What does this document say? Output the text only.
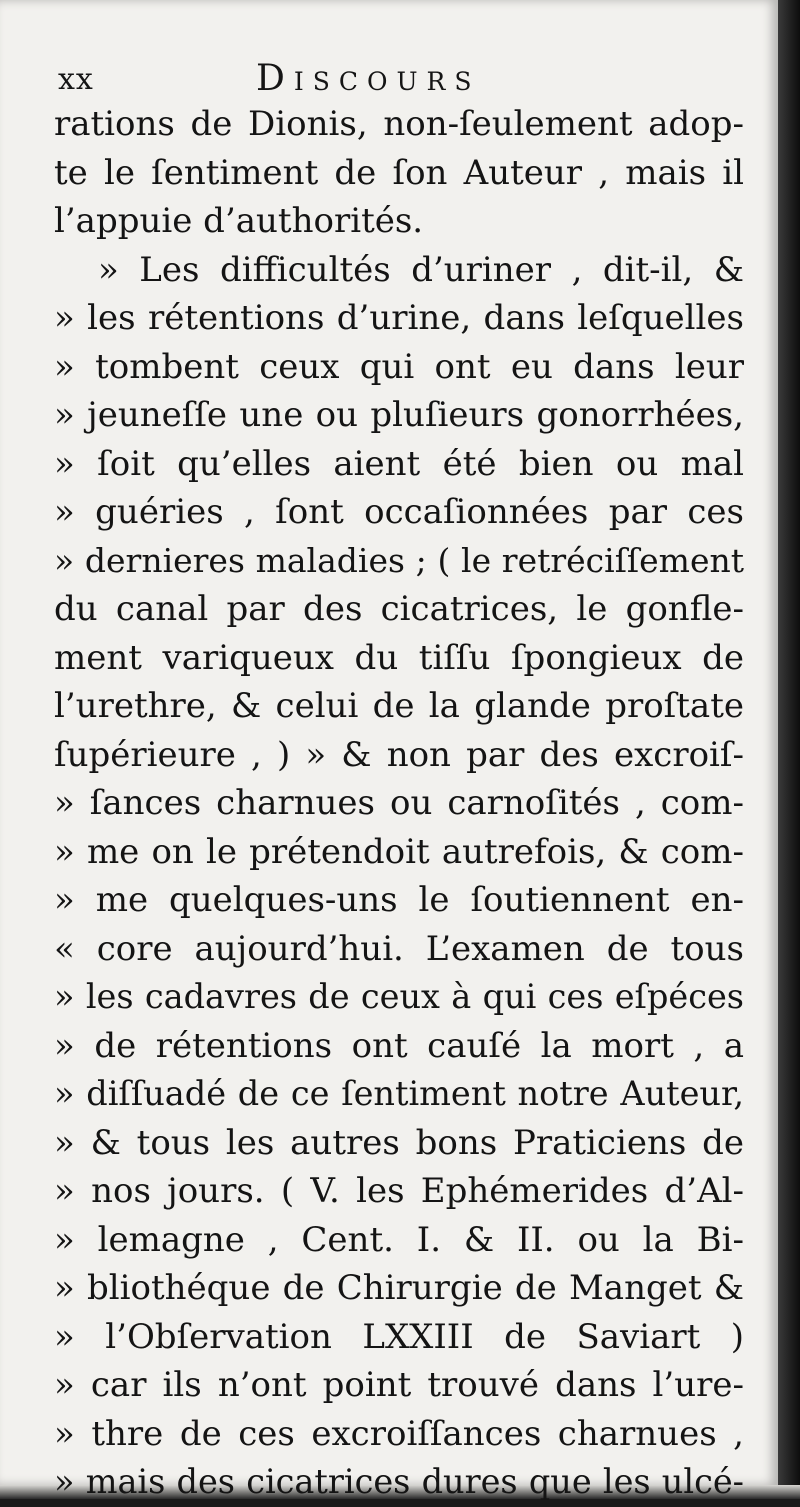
xx	Discours
rations de Dionis, non-ſeulement adop-
te le ſentiment de ſon Auteur , mais il
l’appuie d’authorités.
» Les difficultés d’uriner , dit-il, &
» les rétentions d’urine, dans leſquelles
» tombent ceux qui ont eu dans leur
» jeuneſſe une ou pluſieurs gonorrhées,
» ſoit qu’elles aient été bien ou mal
» guéries , ſont occaſionnées par ces
» dernieres maladies ; ( le retréciſſement
du canal par des cicatrices, le gonfle-
ment variqueux du tiſſu ſpongieux de
l’urethre, & celui de la glande proſtate
ſupérieure , ) » & non par des excroiſ-
» ſances charnues ou carnoſités , com-
» me on le prétendoit autrefois, & com-
» me quelques-uns le ſoutiennent en-
« core aujourd’hui. L’examen de tous
» les cadavres de ceux à qui ces eſpéces
» de rétentions ont cauſé la mort , a
» diſſuadé de ce ſentiment notre Auteur,
» & tous les autres bons Praticiens de
» nos jours. ( V. les Ephémerides d’Al-
» lemagne , Cent. I. & II. ou la Bi-
» bliothéque de Chirurgie de Manget &
» l’Obſervation LXXIII de Saviart )
» car ils n’ont point trouvé dans l’ure-
» thre de ces excroiſſances charnues ,
» mais des cicatrices dures que les ulcé-
